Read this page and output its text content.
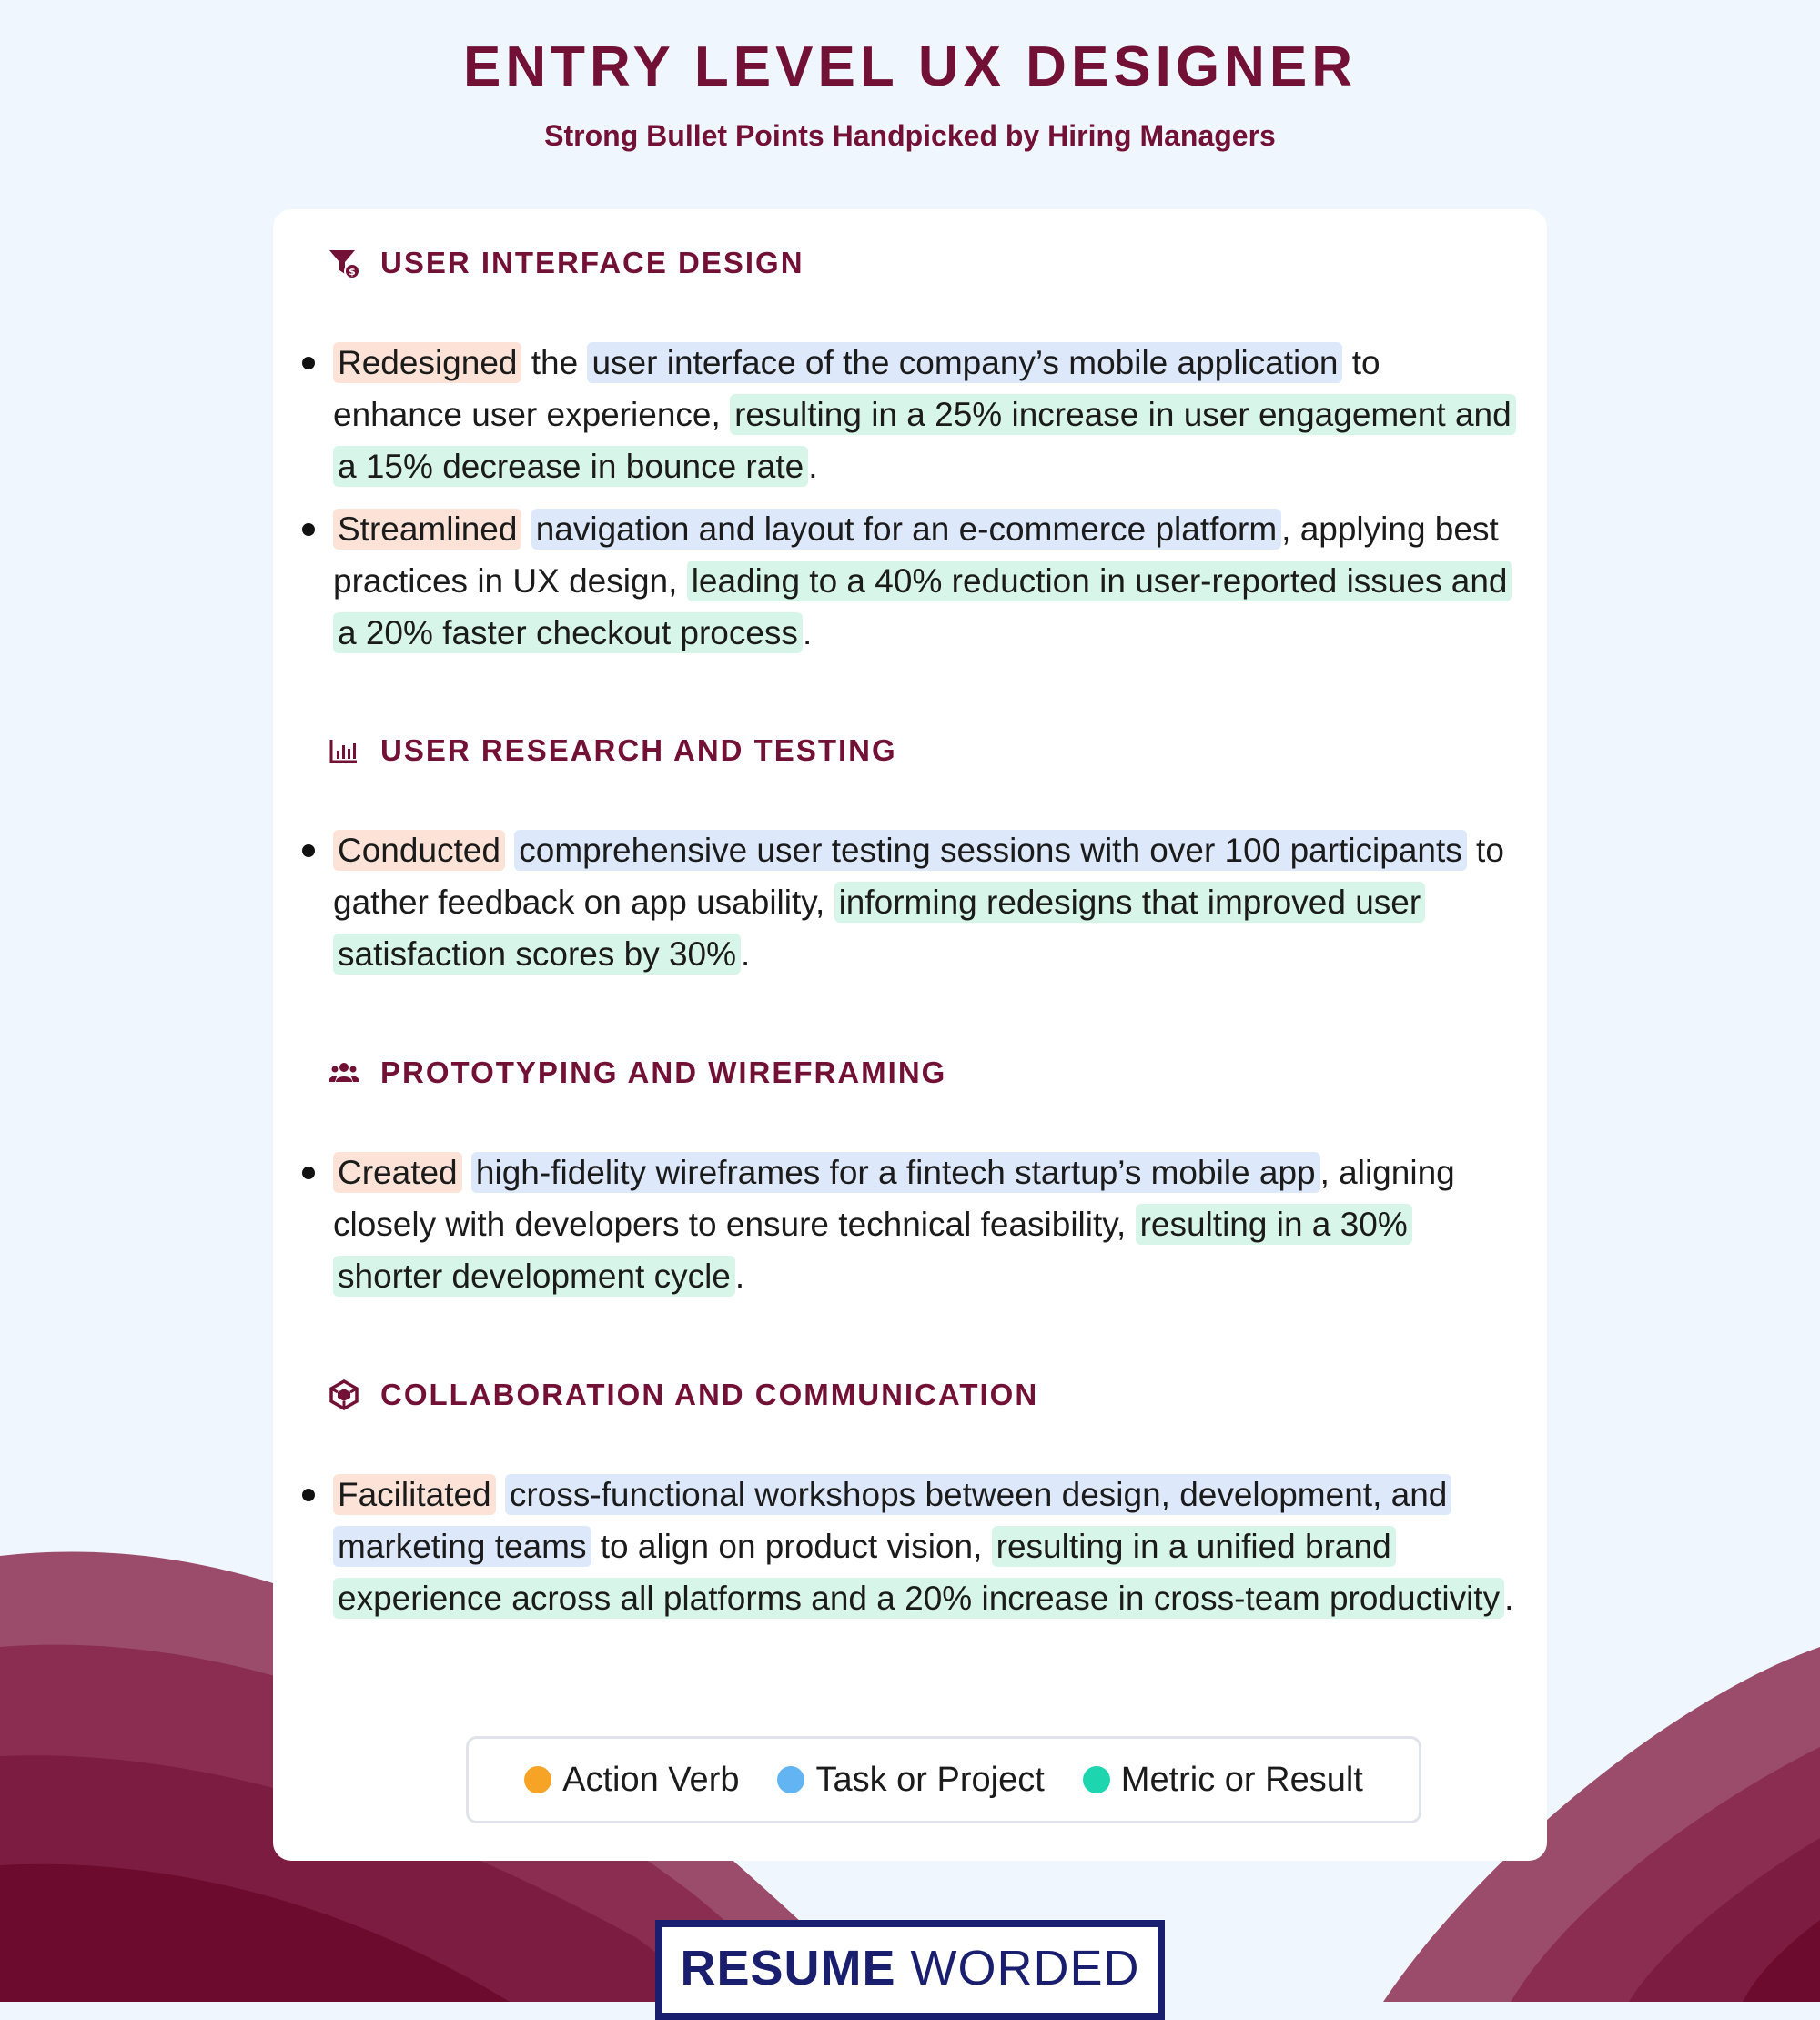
ENTRY LEVEL UX DESIGNER
Strong Bullet Points Handpicked by Hiring Managers
$ USER INTERFACE DESIGN
Redesigned the user interface of the company’s mobile application to enhance user experience, resulting in a 25% increase in user engagement and a 15% decrease in bounce rate .
Streamlined navigation and layout for an e-commerce platform , applying best practices in UX design, leading to a 40% reduction in user-reported issues and a 20% faster checkout process .
USER RESEARCH AND TESTING
Conducted comprehensive user testing sessions with over 100 participants to gather feedback on app usability, informing redesigns that improved user satisfaction scores by 30% .
PROTOTYPING AND WIREFRAMING
Created high-fidelity wireframes for a fintech startup’s mobile app , aligning closely with developers to ensure technical feasibility, resulting in a 30% shorter development cycle .
COLLABORATION AND COMMUNICATION
Facilitated cross-functional workshops between design, development, and marketing teams to align on product vision, resulting in a unified brand experience across all platforms and a 20% increase in cross-team productivity .
Action Verb Task or Project Metric or Result
RESUME WORDED
